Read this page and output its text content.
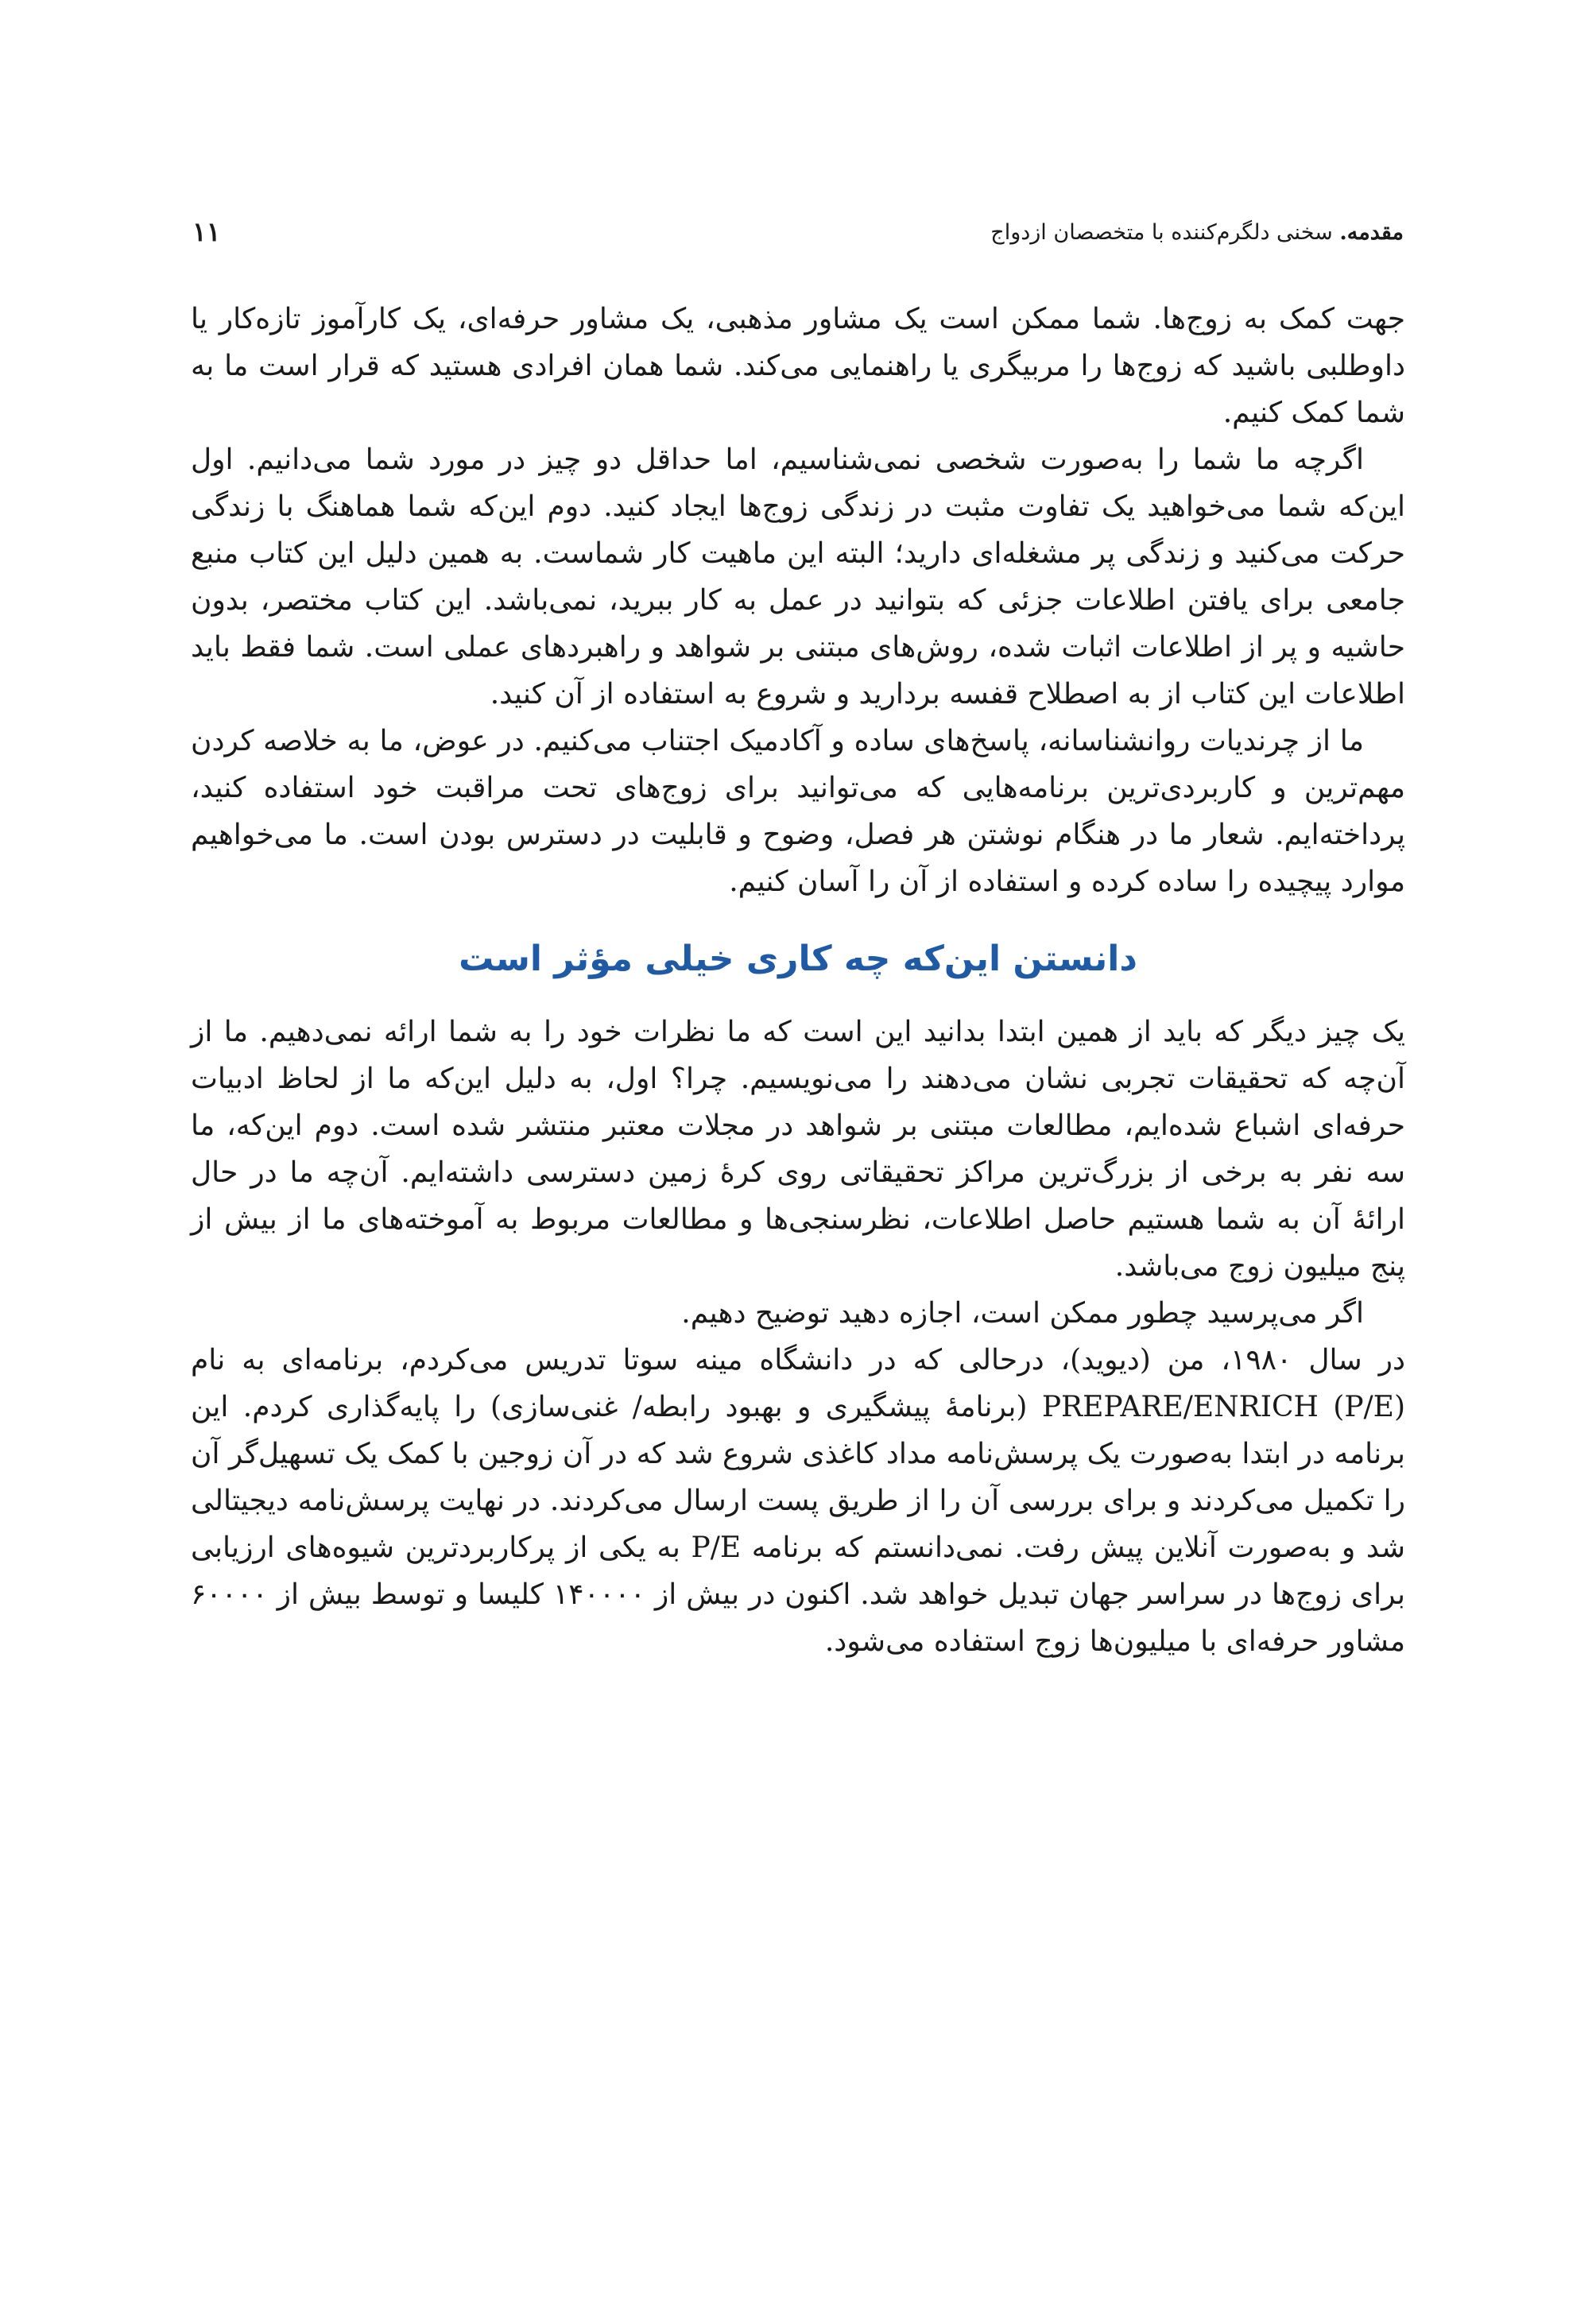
مقدمه.

سخنی دلگرم‌کننده با متخصصان ازدواج
۱۱

جهت کمک به زوج‌ها. شما ممکن است یک مشاور مذهبی، یک مشاور حرفه‌ای، یک کارآموز تازه‌کار یا داوطلبی باشید که زوج‌ها را مربیگری یا راهنمایی می‌کند. شما همان افرادی هستید که قرار است ما به شما کمک کنیم.

اگرچه ما شما را به‌صورت شخصی نمی‌شناسیم، اما حداقل دو چیز در مورد شما می‌دانیم. اول این‌که شما می‌خواهید یک تفاوت مثبت در زندگی زوج‌ها ایجاد کنید. دوم این‌که شما هماهنگ با زندگی حرکت می‌کنید و زندگی پر مشغله‌ای دارید؛ البته این ماهیت کار شماست. به همین دلیل این کتاب منبع جامعی برای یافتن اطلاعات جزئی که بتوانید در عمل به کار ببرید، نمی‌باشد. این کتاب مختصر، بدون حاشیه و پر از اطلاعات اثبات شده، روش‌های مبتنی بر شواهد و راهبردهای عملی است. شما فقط باید اطلاعات این کتاب از به اصطلاح قفسه بردارید و شروع به استفاده از آن کنید.

ما از چرندیات روانشناسانه، پاسخ‌های ساده و آکادمیک اجتناب می‌کنیم. در عوض، ما به خلاصه کردن مهم‌ترین و کاربردی‌ترین برنامه‌هایی که می‌توانید برای زوج‌های تحت مراقبت خود استفاده کنید، پرداخته‌ایم. شعار ما در هنگام نوشتن هر فصل، وضوح و قابلیت در دسترس بودن است. ما می‌خواهیم موارد پیچیده را ساده کرده و استفاده از آن را آسان کنیم.

دانستن این‌که چه کاری خیلی مؤثر است

یک چیز دیگر که باید از همین ابتدا بدانید این است که ما نظرات خود را به شما ارائه نمی‌دهیم. ما از آن‌چه که تحقیقات تجربی نشان می‌دهند را می‌نویسیم. چرا؟ اول، به دلیل این‌که ما از لحاظ ادبیات حرفه‌ای اشباع شده‌ایم، مطالعات مبتنی بر شواهد در مجلات معتبر منتشر شده است. دوم این‌که، ما سه نفر به برخی از بزرگ‌ترین مراکز تحقیقاتی روی کرهٔ زمین دسترسی داشته‌ایم. آن‌چه ما در حال ارائهٔ آن به شما هستیم حاصل اطلاعات، نظرسنجی‌ها و مطالعات مربوط به آموخته‌های ما از بیش از پنج میلیون زوج می‌باشد.

اگر می‌پرسید چطور ممکن است، اجازه دهید توضیح دهیم.

در سال ۱۹۸۰، من (دیوید)، درحالی که در دانشگاه مینه سوتا تدریس می‌کردم، برنامه‌ای به نام PREPARE/ENRICH (P/E) (برنامهٔ پیشگیری و بهبود رابطه/ غنی‌سازی) را پایه‌گذاری کردم. این برنامه در ابتدا به‌صورت یک پرسش‌نامه مداد کاغذی شروع شد که در آن زوجین با کمک یک تسهیل‌گر آن را تکمیل می‌کردند و برای بررسی آن را از طریق پست ارسال می‌کردند. در نهایت پرسش‌نامه دیجیتالی شد و به‌صورت آنلاین پیش رفت. نمی‌دانستم که برنامه P/E به یکی از پرکاربردترین شیوه‌های ارزیابی برای زوج‌ها در سراسر جهان تبدیل خواهد شد. اکنون در بیش از ۱۴۰۰۰۰ کلیسا و توسط بیش از ۶۰۰۰۰ مشاور حرفه‌ای با میلیون‌ها زوج استفاده می‌شود.
